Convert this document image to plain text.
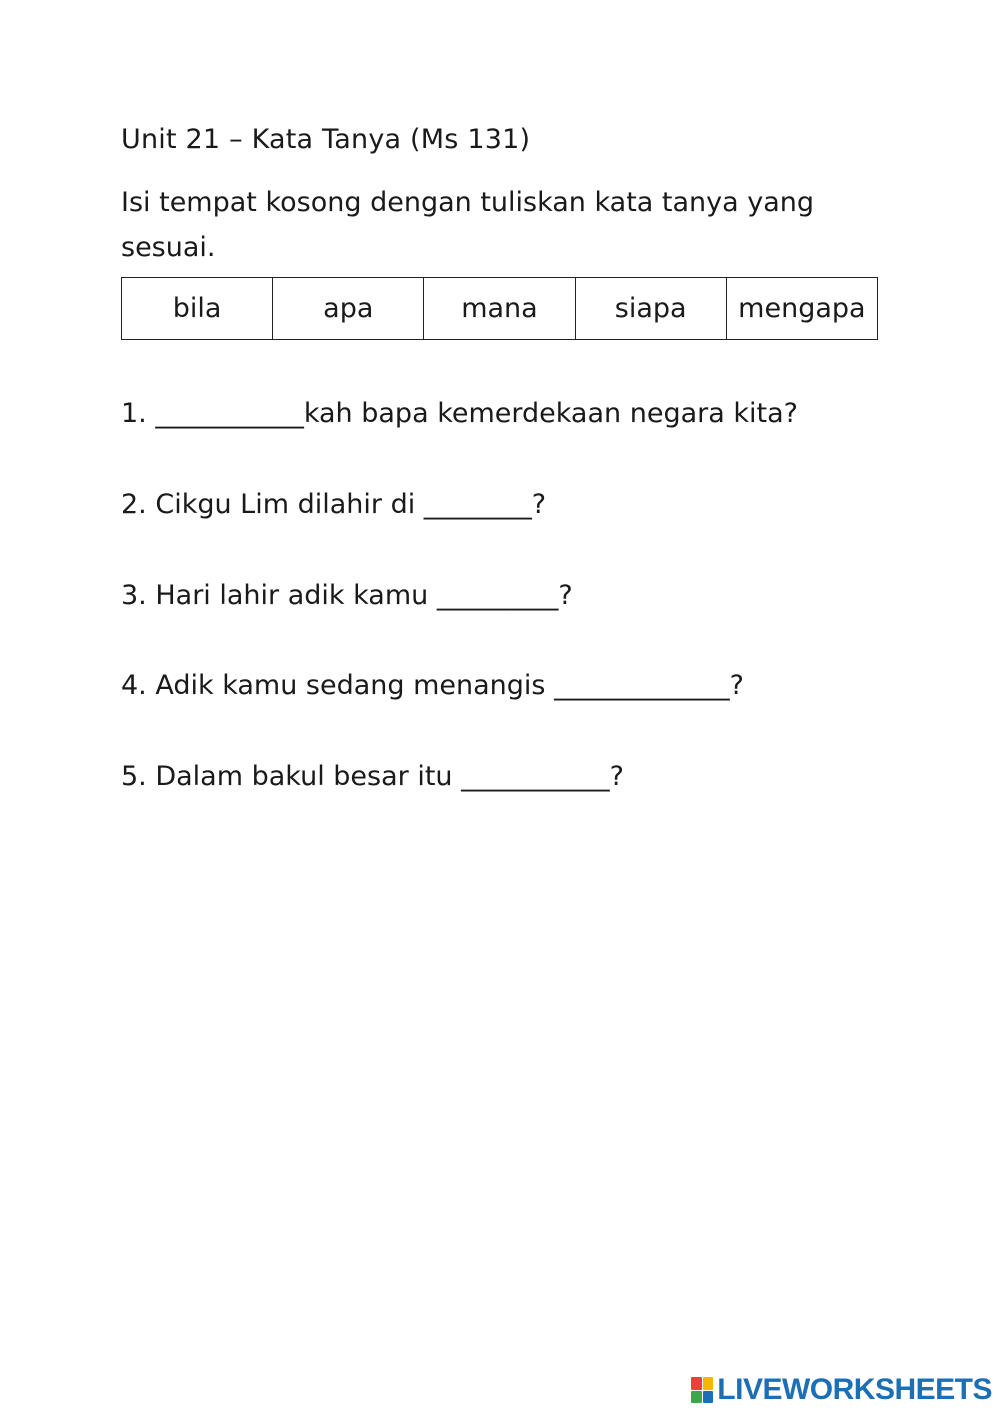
Unit 21 – Kata Tanya (Ms 131)
Isi tempat kosong dengan tuliskan kata tanya yang sesuai.
bila	apa	mana	siapa	mengapa
1. ___________kah bapa kemerdekaan negara kita?
2. Cikgu Lim dilahir di ________?
3. Hari lahir adik kamu _________?
4. Adik kamu sedang menangis _____________?
5. Dalam bakul besar itu ___________?
LIVEWORKSHEETS
